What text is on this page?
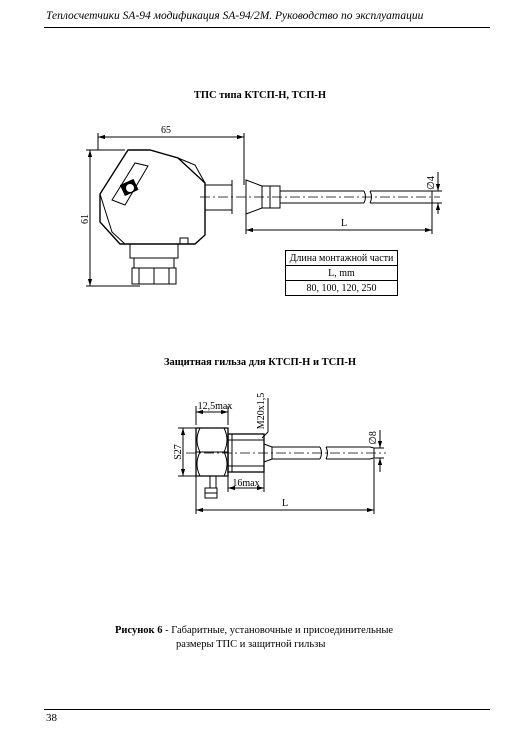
Теплосчетчики SA-94 модификация SA-94/2М. Руководство по эксплуатации
ТПС типа КТСП-Н, ТСП-Н
65
61	L
∅4
12,5max M20x1,5
S27
∅8
16max
L
Длина монтажной части
L, mm
80, 100, 120, 250
Защитная гильза для КТСП-Н и ТСП-Н
Рисунок 6 - Габаритные, установочные и присоединительные
размеры ТПС и защитной гильзы
38
